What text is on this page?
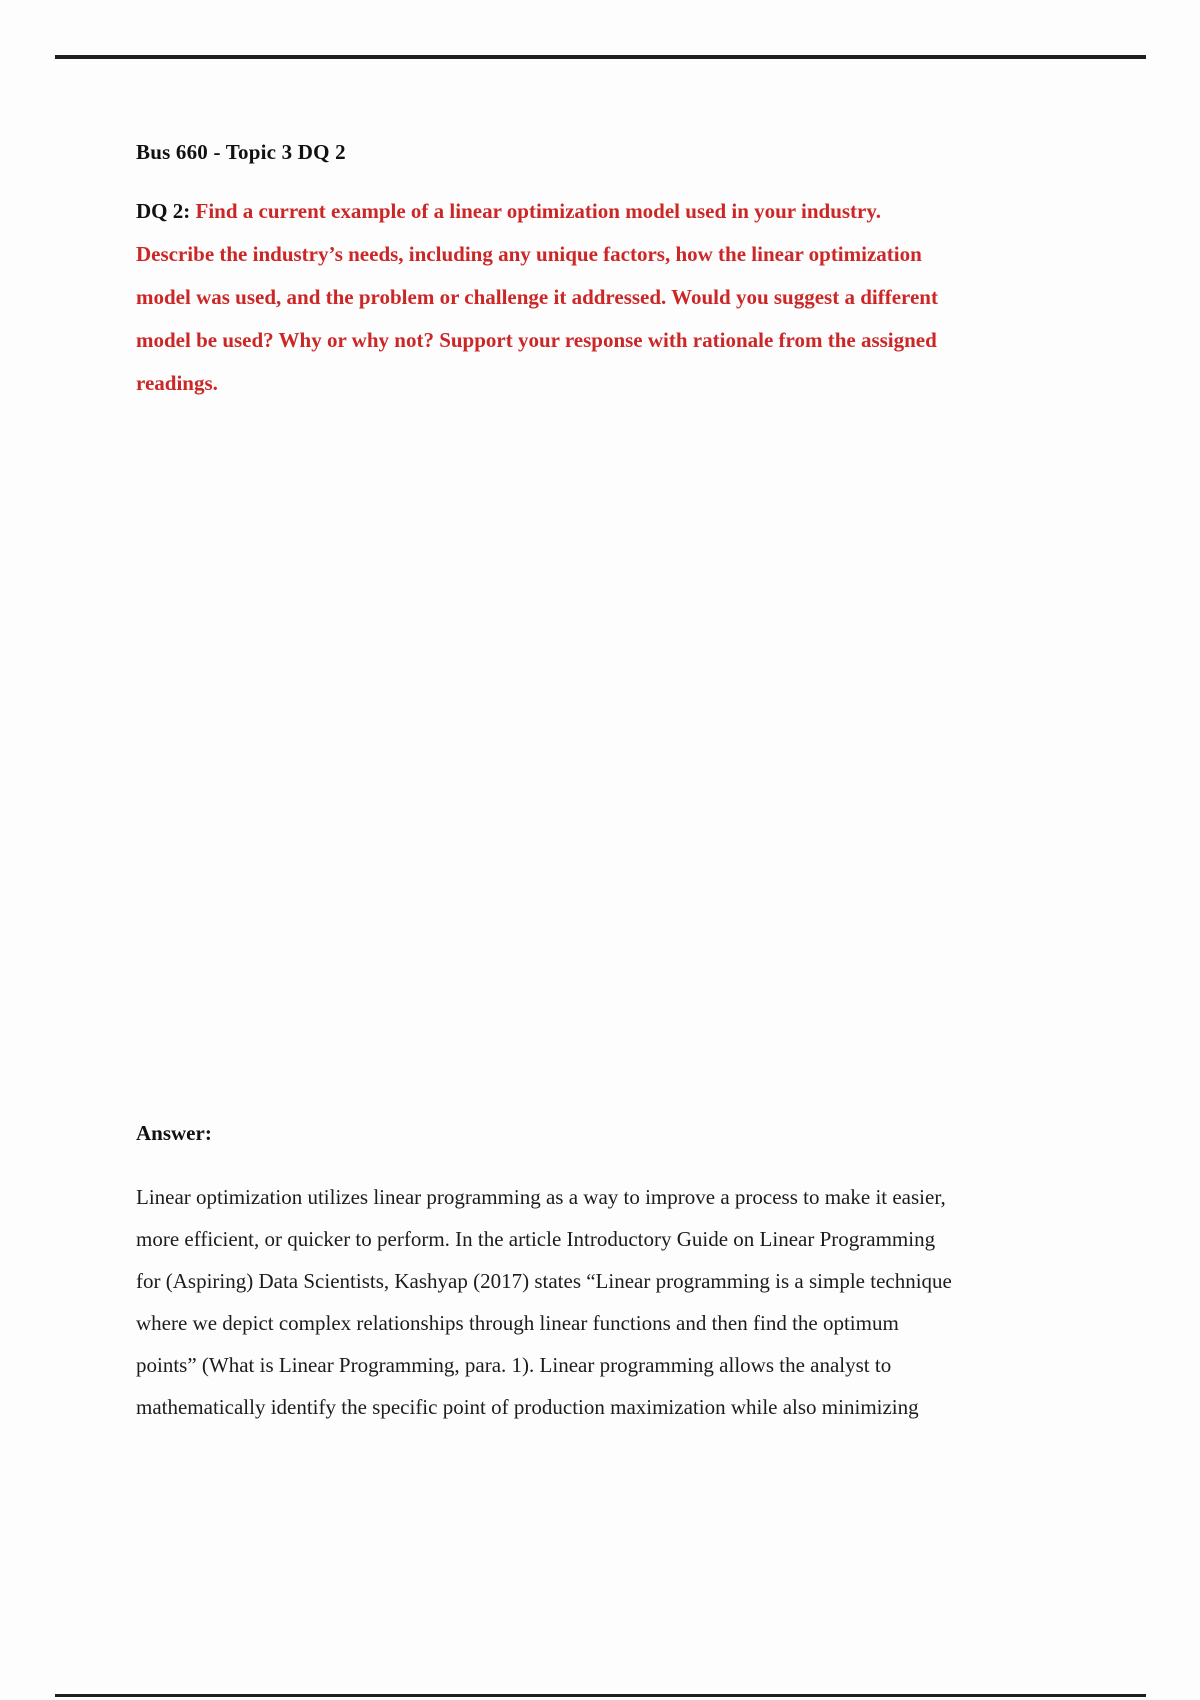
Bus 660 - Topic 3 DQ 2
DQ 2: Find a current example of a linear optimization model used in your industry.
Describe the industry’s needs, including any unique factors, how the linear optimization
model was used, and the problem or challenge it addressed. Would you suggest a different
model be used? Why or why not? Support your response with rationale from the assigned
readings.
Answer:
Linear optimization utilizes linear programming as a way to improve a process to make it easier,
more efficient, or quicker to perform. In the article Introductory Guide on Linear Programming
for (Aspiring) Data Scientists, Kashyap (2017) states “Linear programming is a simple technique
where we depict complex relationships through linear functions and then find the optimum
points” (What is Linear Programming, para. 1). Linear programming allows the analyst to
mathematically identify the specific point of production maximization while also minimizing
